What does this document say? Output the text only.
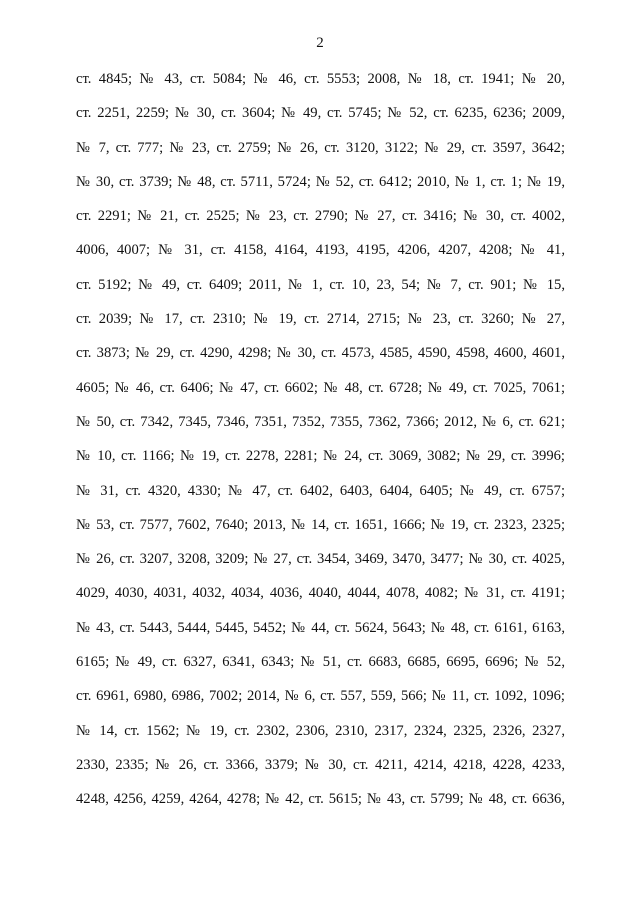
2
ст. 4845; № 43, ст. 5084; № 46, ст. 5553; 2008, № 18, ст. 1941; № 20,
ст. 2251, 2259; № 30, ст. 3604; № 49, ст. 5745; № 52, ст. 6235, 6236; 2009,
№ 7, ст. 777; № 23, ст. 2759; № 26, ст. 3120, 3122; № 29, ст. 3597, 3642;
№ 30, ст. 3739; № 48, ст. 5711, 5724; № 52, ст. 6412; 2010, № 1, ст. 1; № 19,
ст. 2291; № 21, ст. 2525; № 23, ст. 2790; № 27, ст. 3416; № 30, ст. 4002,
4006, 4007; № 31, ст. 4158, 4164, 4193, 4195, 4206, 4207, 4208; № 41,
ст. 5192; № 49, ст. 6409; 2011, № 1, ст. 10, 23, 54; № 7, ст. 901; № 15,
ст. 2039; № 17, ст. 2310; № 19, ст. 2714, 2715; № 23, ст. 3260; № 27,
ст. 3873; № 29, ст. 4290, 4298; № 30, ст. 4573, 4585, 4590, 4598, 4600, 4601,
4605; № 46, ст. 6406; № 47, ст. 6602; № 48, ст. 6728; № 49, ст. 7025, 7061;
№ 50, ст. 7342, 7345, 7346, 7351, 7352, 7355, 7362, 7366; 2012, № 6, ст. 621;
№ 10, ст. 1166; № 19, ст. 2278, 2281; № 24, ст. 3069, 3082; № 29, ст. 3996;
№ 31, ст. 4320, 4330; № 47, ст. 6402, 6403, 6404, 6405; № 49, ст. 6757;
№ 53, ст. 7577, 7602, 7640; 2013, № 14, ст. 1651, 1666; № 19, ст. 2323, 2325;
№ 26, ст. 3207, 3208, 3209; № 27, ст. 3454, 3469, 3470, 3477; № 30, ст. 4025,
4029, 4030, 4031, 4032, 4034, 4036, 4040, 4044, 4078, 4082; № 31, ст. 4191;
№ 43, ст. 5443, 5444, 5445, 5452; № 44, ст. 5624, 5643; № 48, ст. 6161, 6163,
6165; № 49, ст. 6327, 6341, 6343; № 51, ст. 6683, 6685, 6695, 6696; № 52,
ст. 6961, 6980, 6986, 7002; 2014, № 6, ст. 557, 559, 566; № 11, ст. 1092, 1096;
№ 14, ст. 1562; № 19, ст. 2302, 2306, 2310, 2317, 2324, 2325, 2326, 2327,
2330, 2335; № 26, ст. 3366, 3379; № 30, ст. 4211, 4214, 4218, 4228, 4233,
4248, 4256, 4259, 4264, 4278; № 42, ст. 5615; № 43, ст. 5799; № 48, ст. 6636,
